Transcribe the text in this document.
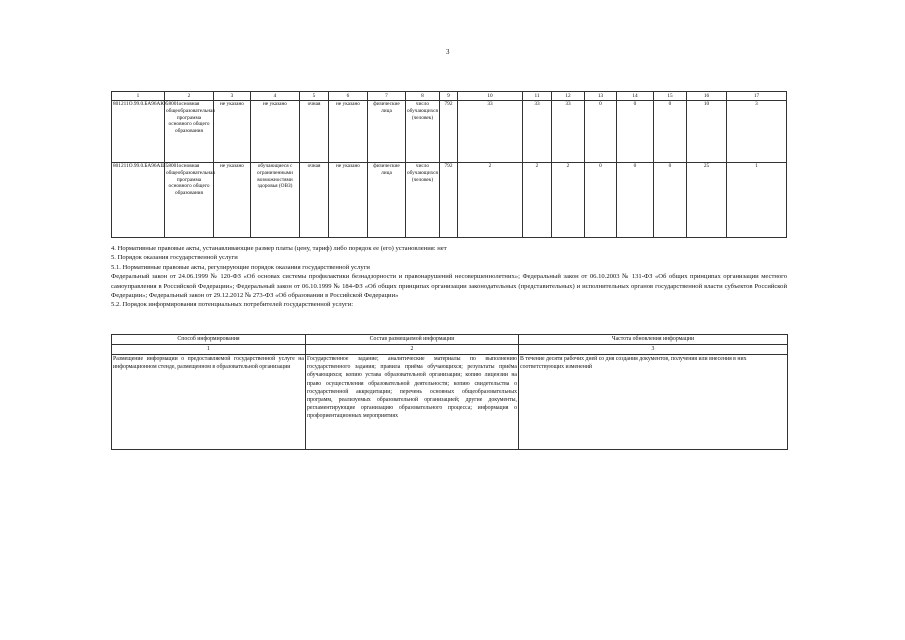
3
1	2	3	4	5	6	7	8	9	10	11	12	13	14	15	16	17
801211О.99.0.БА96АЮ58001	основная общеобразовательная программа основного общего образования	не указано	не указано	очная	не указано	физические лица	число обучающихся (человек)	792	33	33	33	0	0	0	10	3
801211О.99.0.БА96АШ58001	основная общеобразовательная программа основного общего образования	не указано	обучающиеся с ограниченными возможностями здоровья (ОВЗ)	очная	не указано	физические лица	число обучающихся (человек)	792	2	2	2	0	0	0	25	1

4. Нормативные правовые акты, устанавливающие размер платы (цену, тариф) либо порядок ее (его) установления: нет

5. Порядок оказания государственной услуги

5.1. Нормативные правовые акты, регулирующие порядок оказания государственной услуги

Федеральный закон от 24.06.1999 № 120-ФЗ «Об основах системы профилактики безнадзорности и правонарушений несовершеннолетних»; Федеральный закон от 06.10.2003 № 131-ФЗ «Об общих принципах организации местного самоуправления в Российской Федерации»; Федеральный закон от 06.10.1999 № 184-ФЗ «Об общих принципах организации законодательных (представительных) и исполнительных органов государственной власти субъектов Российской Федерации»; Федеральный закон от 29.12.2012 № 273-ФЗ «Об образовании в Российской Федерации»

5.2. Порядок информирования потенциальных потребителей государственной услуги:

Способ информирования	Состав размещаемой информации	Частота обновления информации
1	2	3
Размещение информации о предоставляемой государственной услуге на информационном стенде, размещенном в образовательной организации	Государственное задание; аналитические материалы по выполнению государственного задания; правила приёма обучающихся; результаты приёма обучающихся; копию устава образовательной организации; копию лицензии на право осуществления образовательной деятельности; копию свидетельства о государственной аккредитации; перечень основных общеобразовательных программ, реализуемых образовательной организацией; другие документы, регламентирующие организацию образовательного процесса; информация о профориентационных мероприятиях	В течение десяти рабочих дней со дня создания документов, получения или внесения в них соответствующих изменений
